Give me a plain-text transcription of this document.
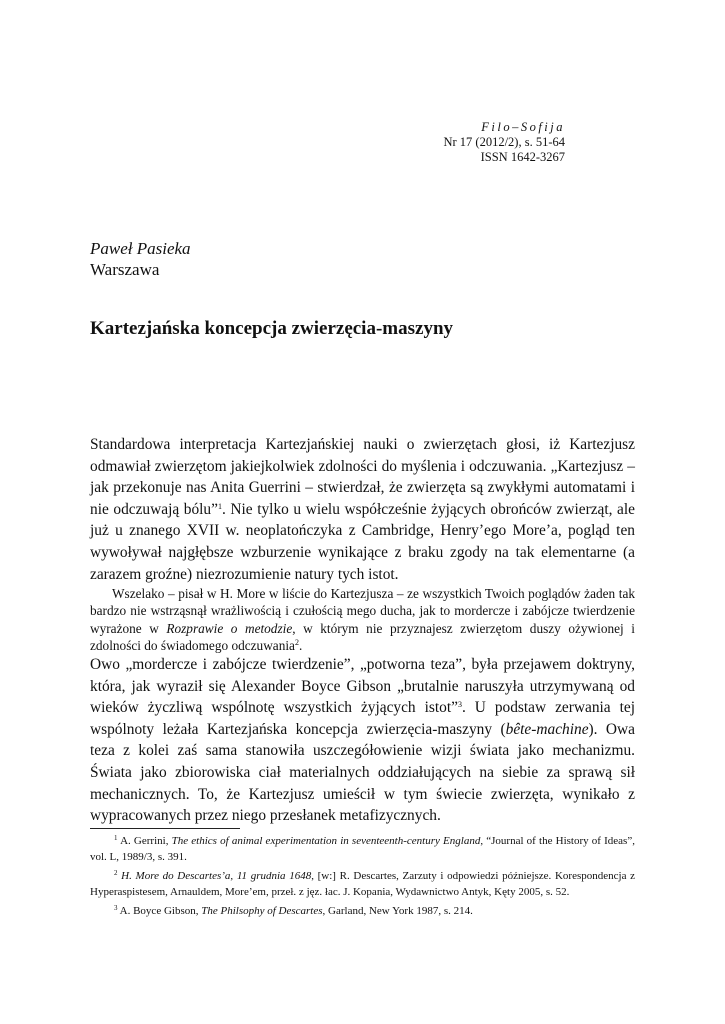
Filo–Sofija
Nr 17 (2012/2), s. 51-64
ISSN 1642-3267
Paweł Pasieka
Warszawa
Kartezjańska koncepcja zwierzęcia-maszyny

Standardowa interpretacja Kartezjańskiej nauki o zwierzętach głosi, iż Kartezjusz odmawiał zwierzętom jakiejkolwiek zdolności do myślenia i odczuwania. „Kartezjusz – jak przekonuje nas Anita Guerrini – stwierdzał, że zwierzęta są zwykłymi automatami i nie odczuwają bólu”$^1$. Nie tylko u wielu współcześnie żyjących obrońców zwierząt, ale już u znanego XVII w. neoplatończyka z Cambridge, Henry’ego More’a, pogląd ten wywoływał najgłębsze wzburzenie wynikające z braku zgody na tak elementarne (a zarazem groźne) niezrozumienie natury tych istot.

Wszelako – pisał w H. More w liście do Kartezjusza – ze wszystkich Twoich poglądów żaden tak bardzo nie wstrząsnął wrażliwością i czułością mego ducha, jak to mordercze i zabójcze twierdzenie wyrażone w Rozprawie o metodzie, w którym nie przyznajesz zwierzętom duszy ożywionej i zdolności do świadomego odczuwania$^2$.

Owo „mordercze i zabójcze twierdzenie”, „potworna teza”, była przejawem doktryny, która, jak wyraził się Alexander Boyce Gibson „brutalnie naruszyła utrzymywaną od wieków życzliwą wspólnotę wszystkich żyjących istot”$^3$. U podstaw zerwania tej wspólnoty leżała Kartezjańska koncepcja zwierzęcia-maszyny (bête-machine). Owa teza z kolei zaś sama stanowiła uszczegółowienie wizji świata jako mechanizmu. Świata jako zbiorowiska ciał materialnych oddziałujących na siebie za sprawą sił mechanicznych. To, że Kartezjusz umieścił w tym świecie zwierzęta, wynikało z wypracowanych przez niego przesłanek metafizycznych.

$^1$ A. Gerrini, The ethics of animal experimentation in seventeenth-century England, “Journal of the History of Ideas”, vol. L, 1989/3, s. 391.

$^2$ H. More do Descartes’a, 11 grudnia 1648, [w:] R. Descartes, Zarzuty i odpowiedzi późniejsze. Korespondencja z Hyperaspistesem, Arnauldem, More’em, przeł. z jęz. łac. J. Kopania, Wydawnictwo Antyk, Kęty 2005, s. 52.

$^3$ A. Boyce Gibson, The Philsophy of Descartes, Garland, New York 1987, s. 214.
